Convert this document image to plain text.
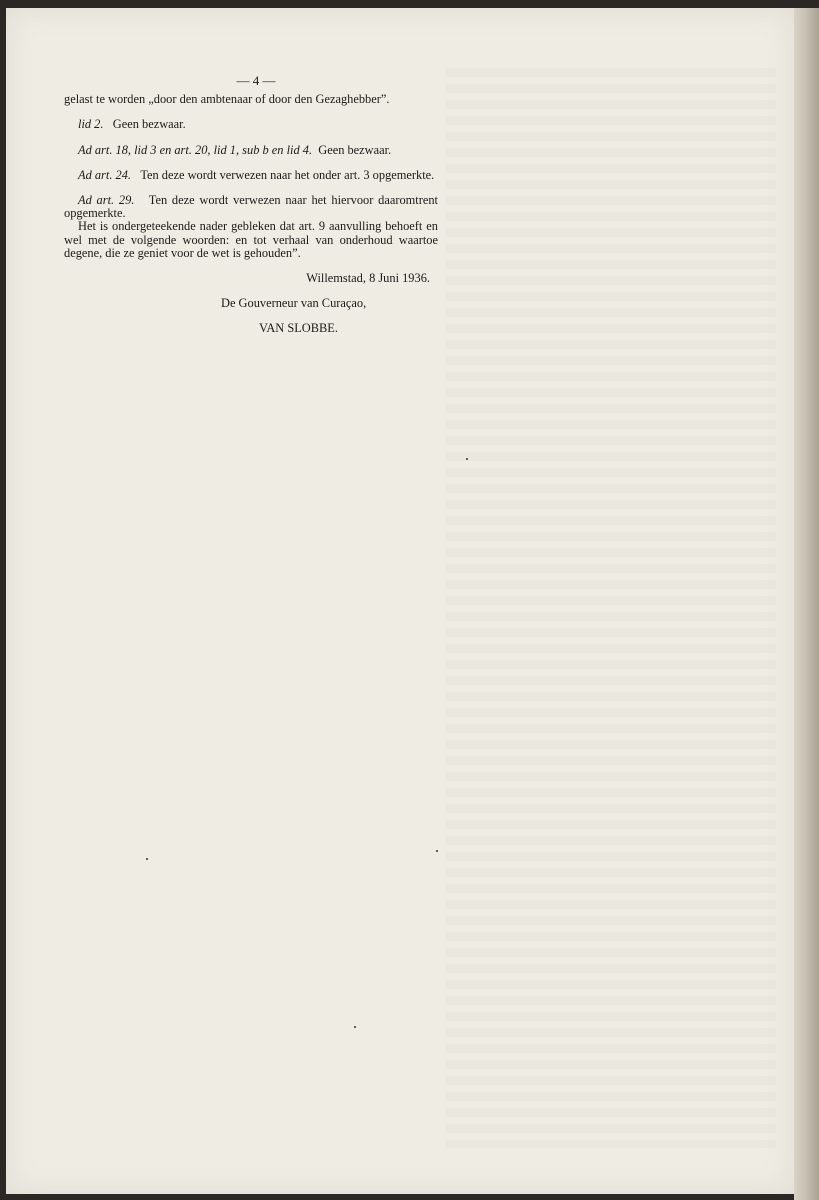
— 4 —

gelast te worden „door den ambtenaar of door den Gezaghebber”.

lid 2. Geen bezwaar.

Ad art. 18, lid 3 en art. 20, lid 1, sub b en lid 4. Geen bezwaar.

Ad art. 24. Ten deze wordt verwezen naar het onder art. 3 opgemerkte.

Ad art. 29. Ten deze wordt verwezen naar het hiervoor daaromtrent opgemerkte.

Het is ondergeteekende nader gebleken dat art. 9 aanvulling behoeft en wel met de volgende woorden: en tot verhaal van onderhoud waartoe degene, die ze geniet voor de wet is gehouden”.

Willemstad, 8 Juni 1936.

De Gouverneur van Curaçao,

VAN SLOBBE.
